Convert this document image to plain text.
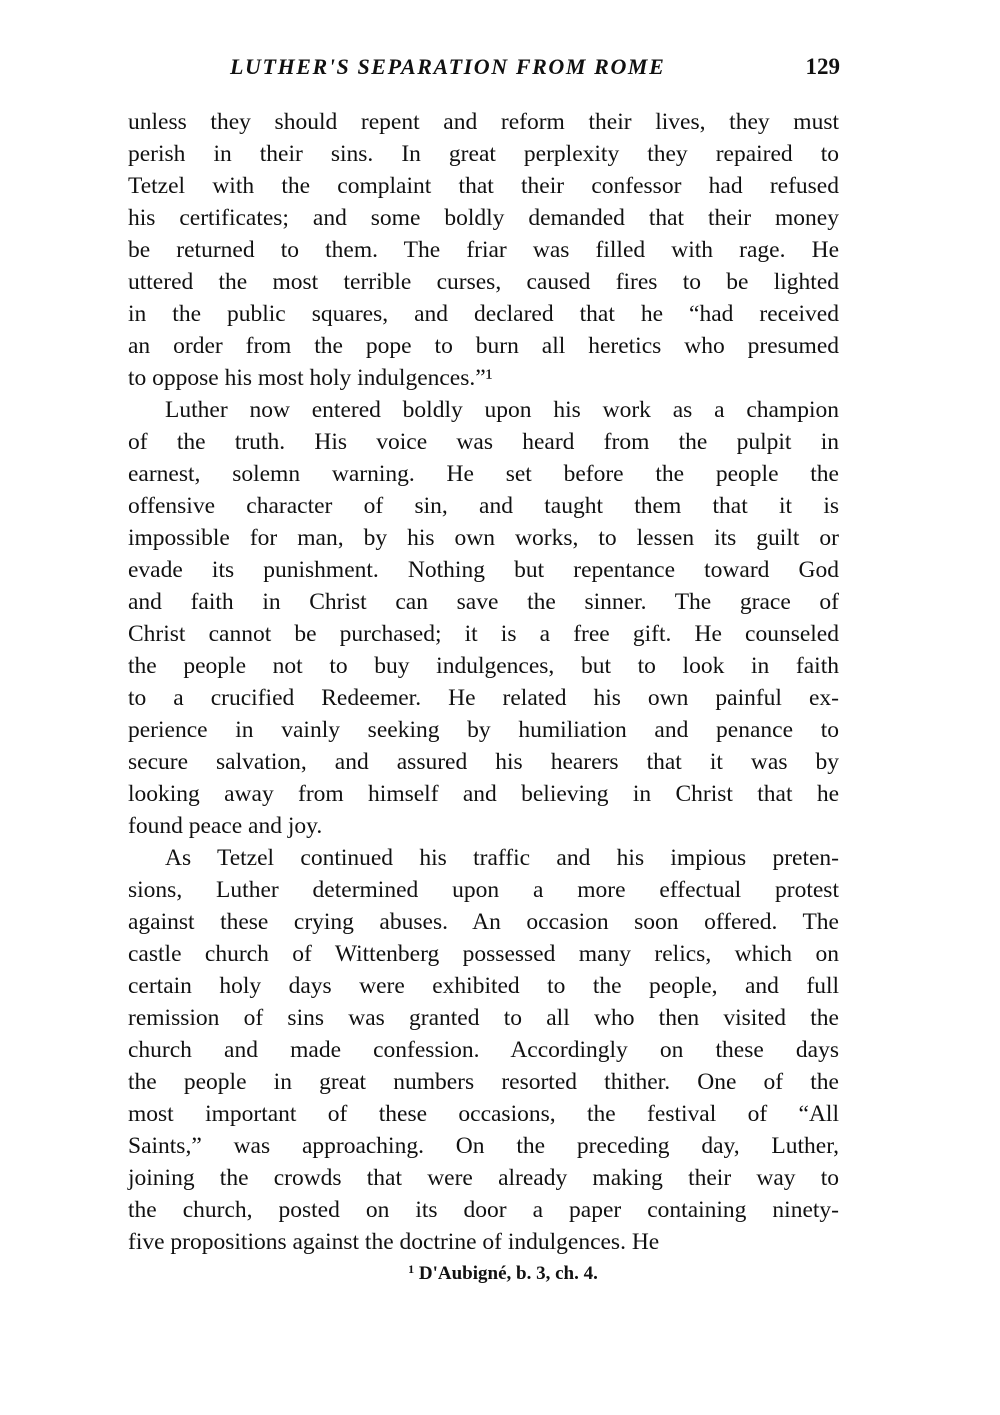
LUTHER'S SEPARATION FROM ROME	129
unless they should repent and reform their lives, they must
perish in their sins. In great perplexity they repaired to
Tetzel with the complaint that their confessor had refused
his certificates; and some boldly demanded that their money
be returned to them. The friar was filled with rage. He
uttered the most terrible curses, caused fires to be lighted
in the public squares, and declared that he “had received
an order from the pope to burn all heretics who presumed
to oppose his most holy indulgences.”¹
Luther now entered boldly upon his work as a champion
of the truth. His voice was heard from the pulpit in
earnest, solemn warning. He set before the people the
offensive character of sin, and taught them that it is
impossible for man, by his own works, to lessen its guilt or
evade its punishment. Nothing but repentance toward God
and faith in Christ can save the sinner. The grace of
Christ cannot be purchased; it is a free gift. He counseled
the people not to buy indulgences, but to look in faith
to a crucified Redeemer. He related his own painful ex-
perience in vainly seeking by humiliation and penance to
secure salvation, and assured his hearers that it was by
looking away from himself and believing in Christ that he
found peace and joy.
As Tetzel continued his traffic and his impious preten-
sions, Luther determined upon a more effectual protest
against these crying abuses. An occasion soon offered. The
castle church of Wittenberg possessed many relics, which on
certain holy days were exhibited to the people, and full
remission of sins was granted to all who then visited the
church and made confession. Accordingly on these days
the people in great numbers resorted thither. One of the
most important of these occasions, the festival of “All
Saints,” was approaching. On the preceding day, Luther,
joining the crowds that were already making their way to
the church, posted on its door a paper containing ninety-
five propositions against the doctrine of indulgences. He
$^1$ D'Aubigné, b. 3, ch. 4.
